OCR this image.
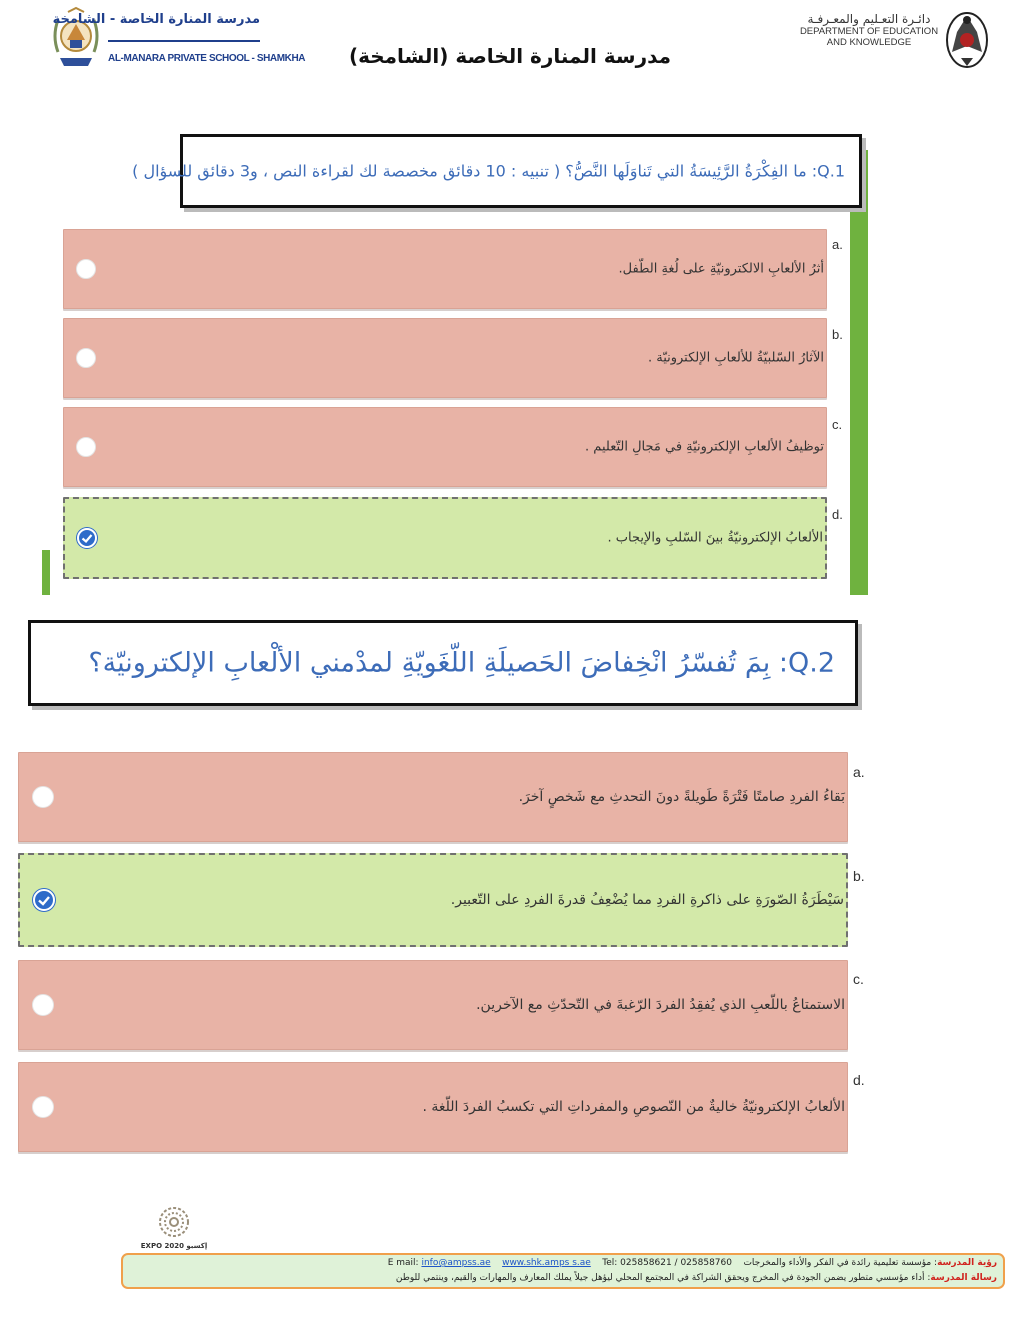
مدرسة المنارة الخاصة - الشامخة
AL-MANARA PRIVATE SCHOOL - SHAMKHA	مدرسة المنارة الخاصة (الشامخة)
دائـرة التعـليم والمعـرفـة
DEPARTMENT OF EDUCATION
AND KNOWLEDGE
Q.1: ما الفِكْرَةُ الرَّئِيسَةُ التي تَناوَلَها النَّصُّ؟ ( تنبيه : 10 دقائق مخصصة لك لقراءة النص ، و3 دقائق للسؤال )
أثرُ الألعابِ الالكترونيّةِ على لُغةِ الطّفل.
a.
الآثارُ السّلبيّةُ للألعابِ الإلكترونيّة .
b.
توظيفُ الألعابِ الإلكترونيّةِ في مَجالِ التّعليم .
c.
الألعابُ الإلكترونيّةُ بينَ السّلبِ والإيجاب .
d.
Q.2: بِمَ تُفسّرُ انْخِفاضَ الحَصيلَةِ اللّغَويّةِ لمدْمني الألْعابِ الإلكترونيّة؟
بَقاءُ الفردِ صامتًا فَتْرَةً طَويلةً دونَ التحدثِ مع شَخصٍ آخرَ.
a.
سَيْطَرَةُ الصّورَةِ على ذاكرةِ الفردِ مما يُضْعِفُ قدرةَ الفردِ على التّعبير.
b.
الاستمتاعُ باللّعبِ الذي يُفقِدُ الفردَ الرّغبةَ في التّحدّثِ مع الآخرين.
c.
الألعابُ الإلكترونيّةُ خاليةٌ من النّصوصِ والمفرداتِ التي تكسبُ الفردَ اللّغة .
d.
EXPO 2020 إكسبو
رؤية المدرسة: مؤسسة تعليمية رائدة في الفكر والأداء والمخرجات    Tel: 025858621 / 025858760    www.shk.amps s.ae    info@ampss.ae E mail:
رسالة المدرسة: أداء مؤسسي متطور يضمن الجودة في المخرج ويحقق الشراكة في المجتمع المحلي ليؤهل جيلاً يملك المعارف والمهارات والقيم، وينتمي للوطن
